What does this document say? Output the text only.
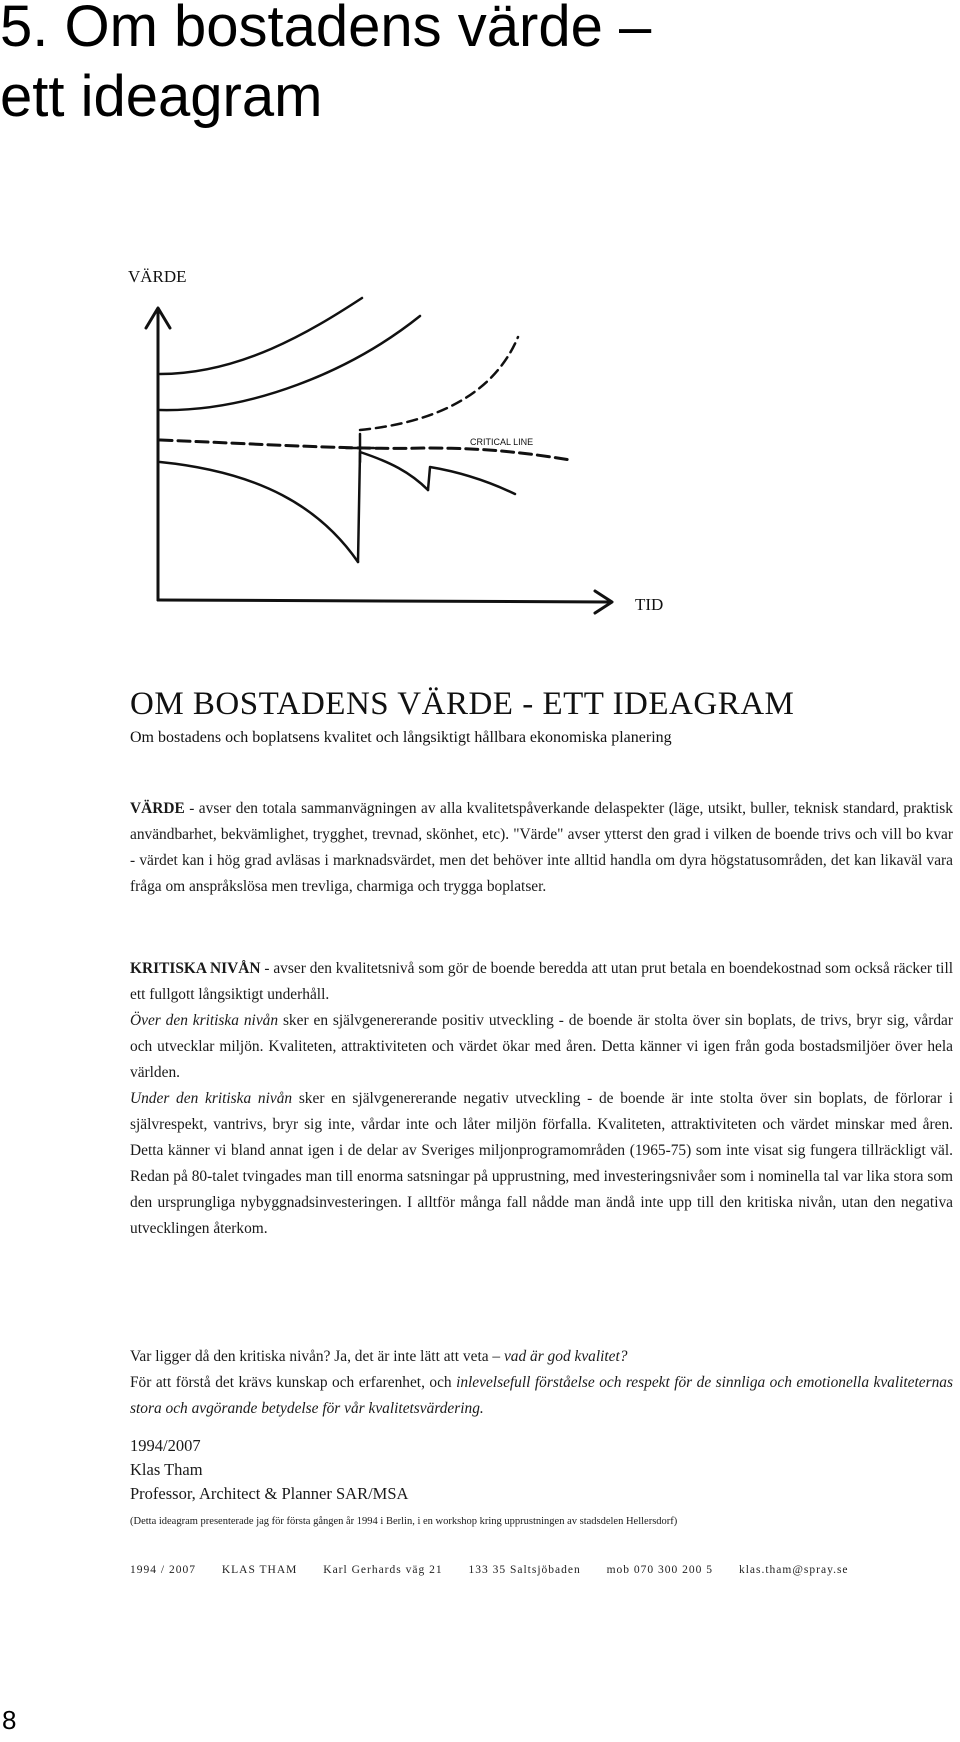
5. Om bostadens värde –
ett ideagram
VÄRDE
TID
CRITICAL LINE
OM BOSTADENS VÄRDE - ETT IDEAGRAM
Om bostadens och boplatsens kvalitet och långsiktigt hållbara ekonomiska planering

VÄRDE - avser den totala sammanvägningen av alla kvalitetspåverkande delaspekter (läge, utsikt, buller, teknisk standard, praktisk användbarhet, bekvämlighet, trygghet, trevnad, skönhet, etc). "Värde" avser ytterst den grad i vilken de boende trivs och vill bo kvar - värdet kan i hög grad avläsas i marknadsvärdet, men det behöver inte alltid handla om dyra högstatusområden, det kan likaväl vara fråga om anspråkslösa men trevliga, charmiga och trygga boplatser.

KRITISKA NIVÅN - avser den kvalitetsnivå som gör de boende beredda att utan prut betala en boendekostnad som också räcker till ett fullgott långsiktigt underhåll.
Över den kritiska nivån sker en självgenererande positiv utveckling - de boende är stolta över sin boplats, de trivs, bryr sig, vårdar och utvecklar miljön. Kvaliteten, attraktiviteten och värdet ökar med åren. Detta känner vi igen från goda bostadsmiljöer över hela världen.
Under den kritiska nivån sker en självgenererande negativ utveckling - de boende är inte stolta över sin boplats, de förlorar i självrespekt, vantrivs, bryr sig inte, vårdar inte och låter miljön förfalla. Kvaliteten, attraktiviteten och värdet minskar med åren. Detta känner vi bland annat igen i de delar av Sveriges miljonprogramområden (1965-75) som inte visat sig fungera tillräckligt väl. Redan på 80-talet tvingades man till enorma satsningar på upprustning, med investeringsnivåer som i nominella tal var lika stora som den ursprungliga nybyggnadsinvesteringen. I alltför många fall nådde man ändå inte upp till den kritiska nivån, utan den negativa utvecklingen återkom.

Var ligger då den kritiska nivån? Ja, det är inte lätt att veta – vad är god kvalitet?
För att förstå det krävs kunskap och erfarenhet, och inlevelsefull förståelse och respekt för de sinnliga och emotionella kvaliteternas stora och avgörande betydelse för vår kvalitetsvärdering.

1994/2007
Klas Tham
Professor, Architect & Planner SAR/MSA
(Detta ideagram presenterade jag för första gången år 1994 i Berlin, i en workshop kring upprustningen av stadsdelen Hellersdorf)
1994 / 2007 KLAS THAM Karl Gerhards väg 21 133 35 Saltsjöbaden mob 070 300 200 5 klas.tham@spray.se
8
